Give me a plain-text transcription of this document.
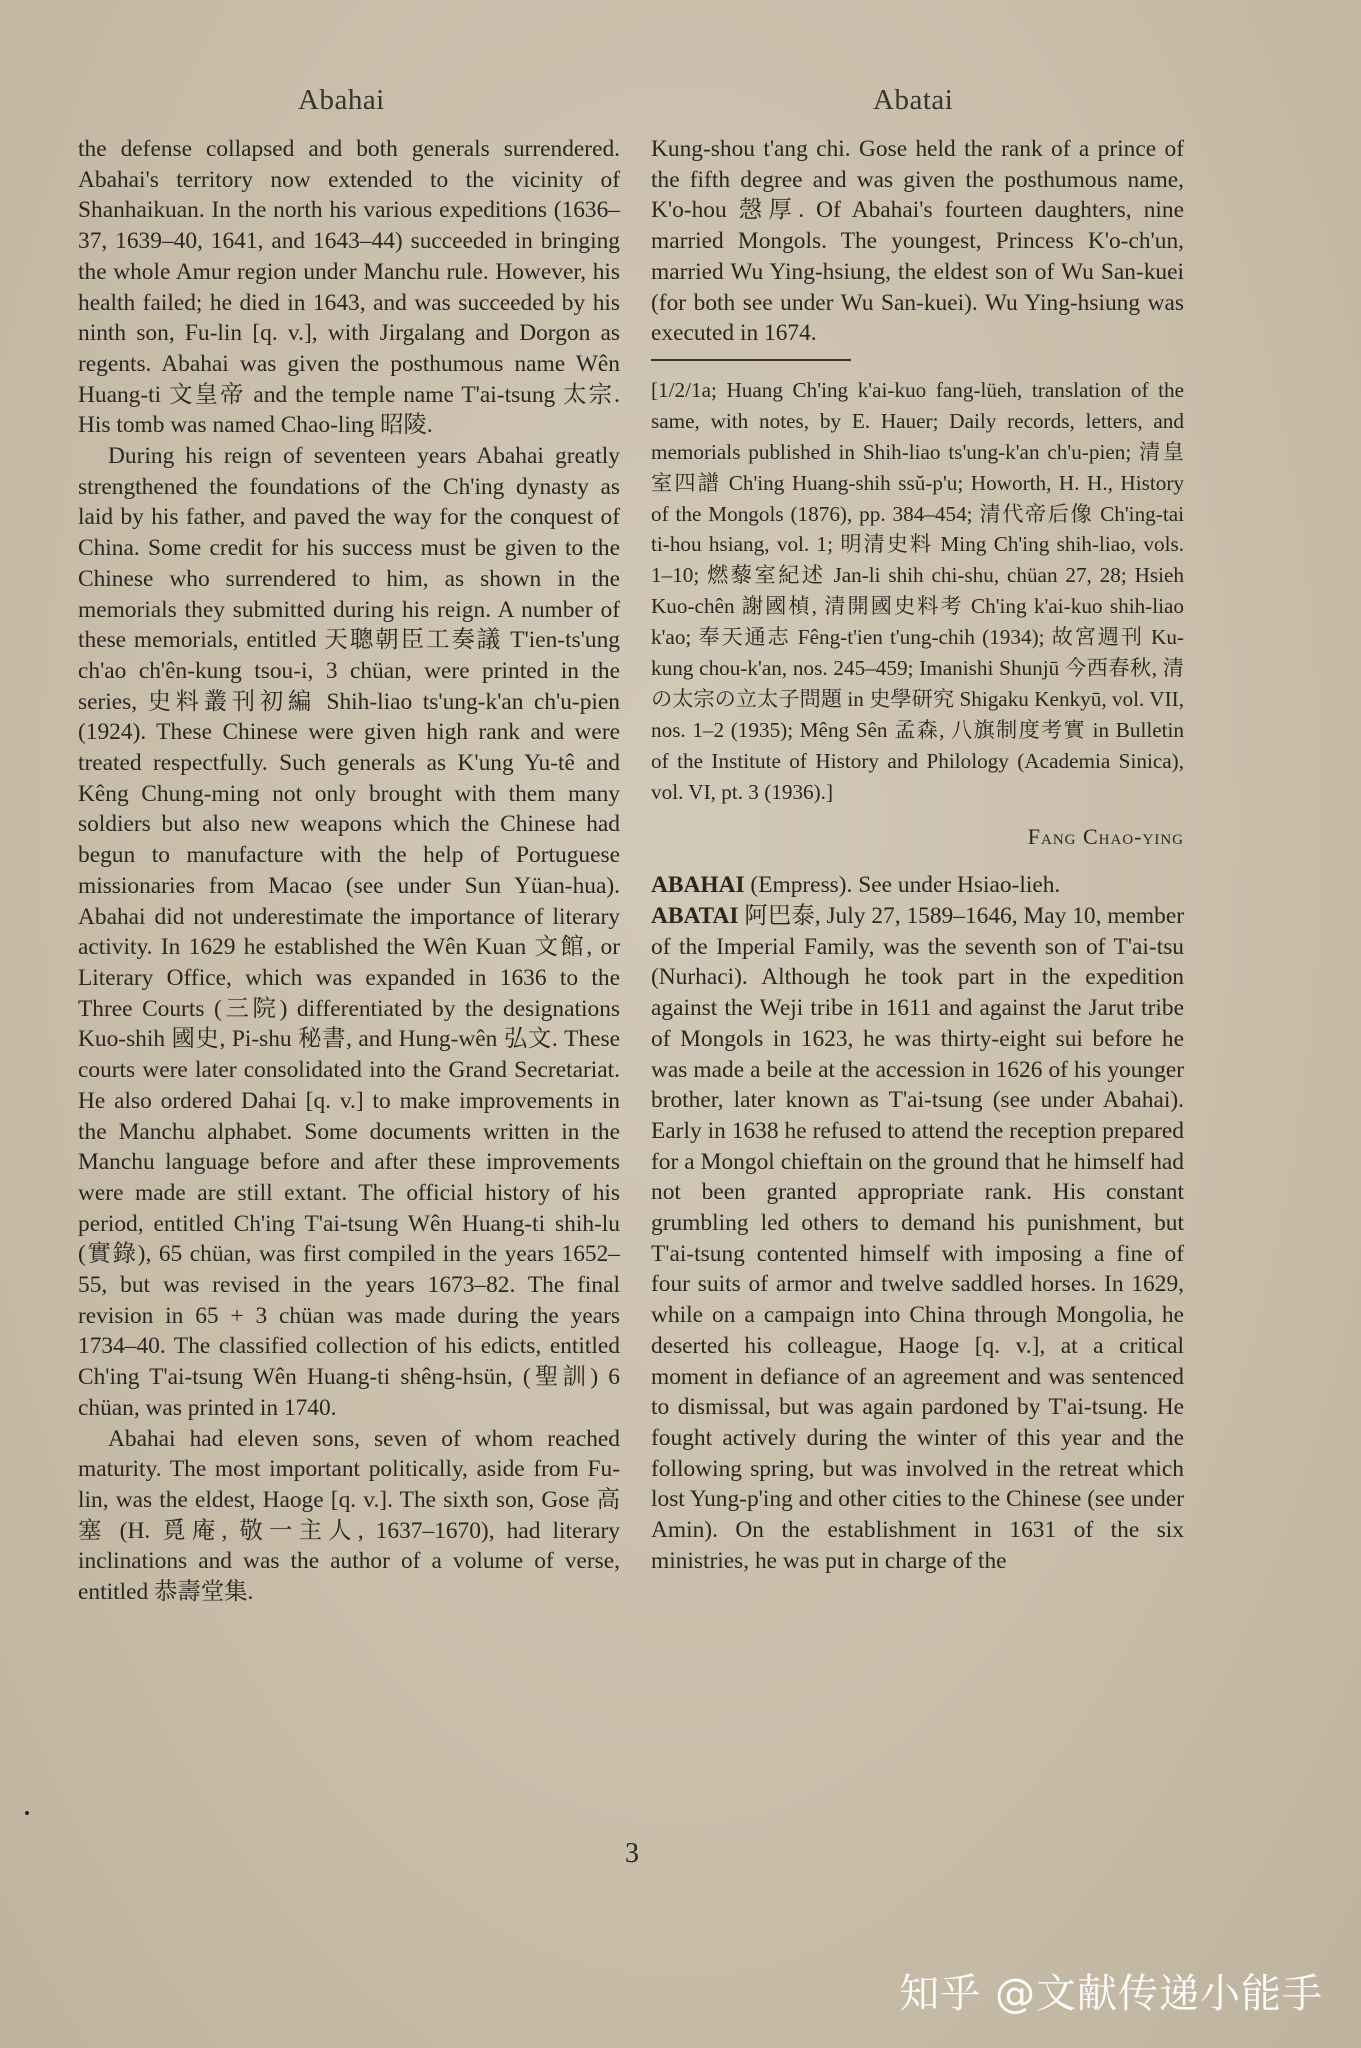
Abahai	Abatai

the defense collapsed and both generals surrendered. Abahai's territory now extended to the vicinity of Shanhaikuan. In the north his various expeditions (1636–37, 1639–40, 1641, and 1643–44) succeeded in bringing the whole Amur region under Manchu rule. However, his health failed; he died in 1643, and was succeeded by his ninth son, Fu-lin [q. v.], with Jirgalang and Dorgon as regents. Abahai was given the posthumous name Wên Huang-ti 文皇帝 and the temple name T'ai-tsung 太宗. His tomb was named Chao-ling 昭陵.

During his reign of seventeen years Abahai greatly strengthened the foundations of the Ch'ing dynasty as laid by his father, and paved the way for the conquest of China. Some credit for his success must be given to the Chinese who surrendered to him, as shown in the memorials they submitted during his reign. A number of these memorials, entitled 天聰朝臣工奏議 T'ien-ts'ung ch'ao ch'ên-kung tsou-i, 3 chüan, were printed in the series, 史料叢刊初編 Shih-liao ts'ung-k'an ch'u-pien (1924). These Chinese were given high rank and were treated respectfully. Such generals as K'ung Yu-tê and Kêng Chung-ming not only brought with them many soldiers but also new weapons which the Chinese had begun to manufacture with the help of Portuguese missionaries from Macao (see under Sun Yüan-hua). Abahai did not underestimate the importance of literary activity. In 1629 he established the Wên Kuan 文館, or Literary Office, which was expanded in 1636 to the Three Courts (三院) differentiated by the designations Kuo-shih 國史, Pi-shu 秘書, and Hung-wên 弘文. These courts were later consolidated into the Grand Secretariat. He also ordered Dahai [q. v.] to make improvements in the Manchu alphabet. Some documents written in the Manchu language before and after these improvements were made are still extant. The official history of his period, entitled Ch'ing T'ai-tsung Wên Huang-ti shih-lu (實錄), 65 chüan, was first compiled in the years 1652–55, but was revised in the years 1673–82. The final revision in 65 + 3 chüan was made during the years 1734–40. The classified collection of his edicts, entitled Ch'ing T'ai-tsung Wên Huang-ti shêng-hsün, (聖訓) 6 chüan, was printed in 1740.

Abahai had eleven sons, seven of whom reached maturity. The most important politically, aside from Fu-lin, was the eldest, Haoge [q. v.]. The sixth son, Gose 高塞 (H. 覓庵, 敬一主人, 1637–1670), had literary inclinations and was the author of a volume of verse, entitled 恭壽堂集.

Kung-shou t'ang chi. Gose held the rank of a prince of the fifth degree and was given the posthumous name, K'o-hou 愨厚. Of Abahai's fourteen daughters, nine married Mongols. The youngest, Princess K'o-ch'un, married Wu Ying-hsiung, the eldest son of Wu San-kuei (for both see under Wu San-kuei). Wu Ying-hsiung was executed in 1674.

[1/2/1a; Huang Ch'ing k'ai-kuo fang-lüeh, translation of the same, with notes, by E. Hauer; Daily records, letters, and memorials published in Shih-liao ts'ung-k'an ch'u-pien; 清皇室四譜 Ch'ing Huang-shih ssŭ-p'u; Howorth, H. H., History of the Mongols (1876), pp. 384–454; 清代帝后像 Ch'ing-tai ti-hou hsiang, vol. 1; 明清史料 Ming Ch'ing shih-liao, vols. 1–10; 燃藜室紀述 Jan-li shih chi-shu, chüan 27, 28; Hsieh Kuo-chên 謝國楨, 清開國史料考 Ch'ing k'ai-kuo shih-liao k'ao; 奉天通志 Fêng-t'ien t'ung-chih (1934); 故宮週刊 Ku-kung chou-k'an, nos. 245–459; Imanishi Shunjū 今西春秋, 清の太宗の立太子問題 in 史學研究 Shigaku Kenkyū, vol. VII, nos. 1–2 (1935); Mêng Sên 孟森, 八旗制度考實 in Bulletin of the Institute of History and Philology (Academia Sinica), vol. VI, pt. 3 (1936).]

Fang Chao-ying

ABAHAI (Empress). See under Hsiao-lieh.

ABATAI 阿巴泰, July 27, 1589–1646, May 10, member of the Imperial Family, was the seventh son of T'ai-tsu (Nurhaci). Although he took part in the expedition against the Weji tribe in 1611 and against the Jarut tribe of Mongols in 1623, he was thirty-eight sui before he was made a beile at the accession in 1626 of his younger brother, later known as T'ai-tsung (see under Abahai). Early in 1638 he refused to attend the reception prepared for a Mongol chieftain on the ground that he himself had not been granted appropriate rank. His constant grumbling led others to demand his punishment, but T'ai-tsung contented himself with imposing a fine of four suits of armor and twelve saddled horses. In 1629, while on a campaign into China through Mongolia, he deserted his colleague, Haoge [q. v.], at a critical moment in defiance of an agreement and was sentenced to dismissal, but was again pardoned by T'ai-tsung. He fought actively during the winter of this year and the following spring, but was involved in the retreat which lost Yung-p'ing and other cities to the Chinese (see under Amin). On the establishment in 1631 of the six ministries, he was put in charge of the

3
知乎 @文献传递小能手
